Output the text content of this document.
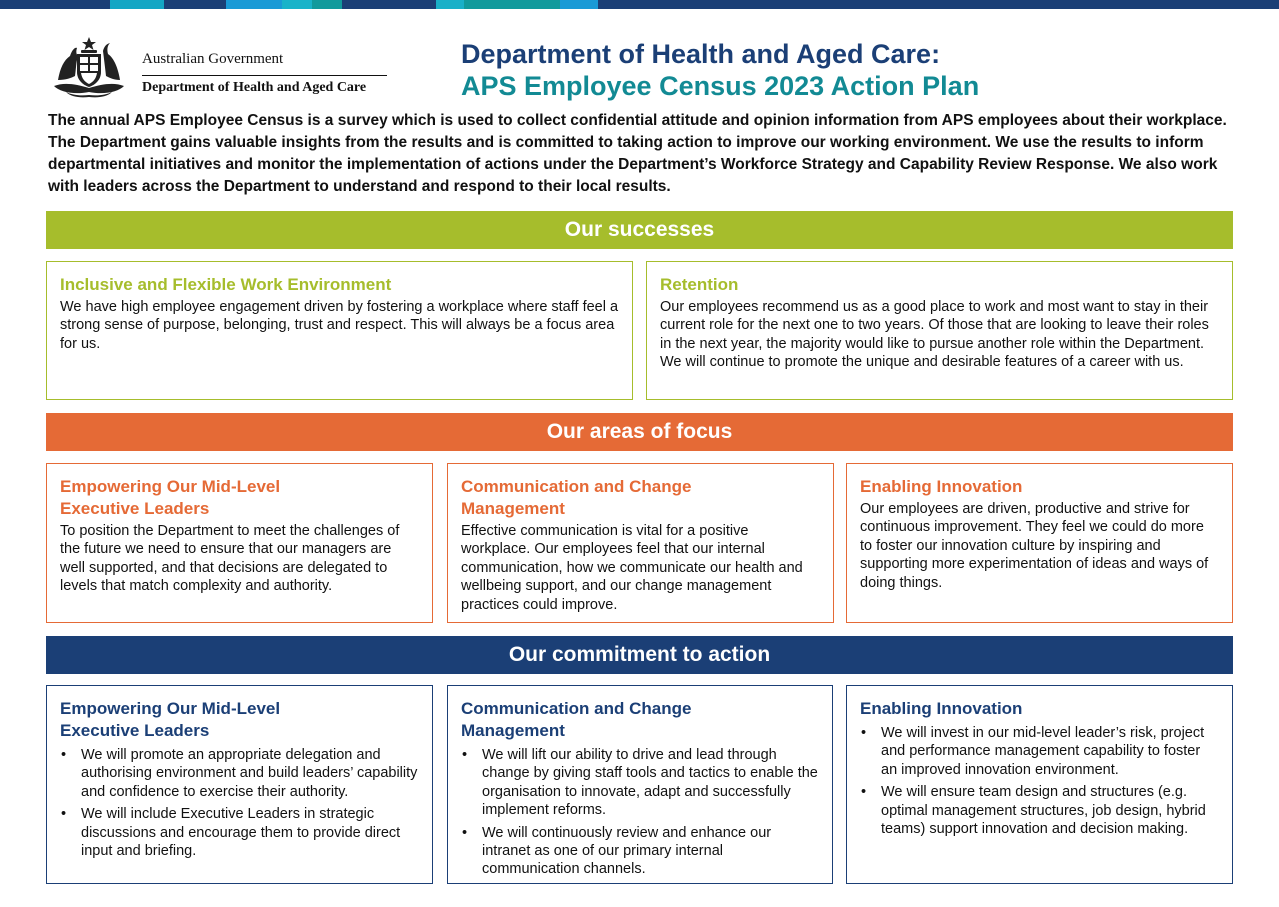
Australian Government
Department of Health and Aged Care
Department of Health and Aged Care:
APS Employee Census 2023 Action Plan
The annual APS Employee Census is a survey which is used to collect confidential attitude and opinion information from APS employees about their workplace. The Department gains valuable insights from the results and is committed to taking action to improve our working environment. We use the results to inform departmental initiatives and monitor the implementation of actions under the Department’s Workforce Strategy and Capability Review Response. We also work with leaders across the Department to understand and respond to their local results.
Our successes
Inclusive and Flexible Work Environment

We have high employee engagement driven by fostering a workplace where staff feel a strong sense of purpose, belonging, trust and respect. This will always be a focus area for us.

Retention

Our employees recommend us as a good place to work and most want to stay in their current role for the next one to two years. Of those that are looking to leave their roles in the next year, the majority would like to pursue another role within the Department. We will continue to promote the unique and desirable features of a career with us.

Our areas of focus
Empowering Our Mid-Level
Executive Leaders

To position the Department to meet the challenges of the future we need to ensure that our managers are well supported, and that decisions are delegated to levels that match complexity and authority.

Communication and Change
Management

Effective communication is vital for a positive workplace. Our employees feel that our internal communication, how we communicate our health and wellbeing support, and our change management practices could improve.

Enabling Innovation

Our employees are driven, productive and strive for continuous improvement. They feel we could do more to foster our innovation culture by inspiring and supporting more experimentation of ideas and ways of doing things.

Our commitment to action
Empowering Our Mid-Level
Executive Leaders
• We will promote an appropriate delegation and authorising environment and build leaders’ capability and confidence to exercise their authority.
• We will include Executive Leaders in strategic discussions and encourage them to provide direct input and briefing.
Communication and Change
Management
• We will lift our ability to drive and lead through change by giving staff tools and tactics to enable the organisation to innovate, adapt and successfully implement reforms.
• We will continuously review and enhance our intranet as one of our primary internal communication channels.
Enabling Innovation
• We will invest in our mid-level leader’s risk, project and performance management capability to foster an improved innovation environment.
• We will ensure team design and structures (e.g. optimal management structures, job design, hybrid teams) support innovation and decision making.
